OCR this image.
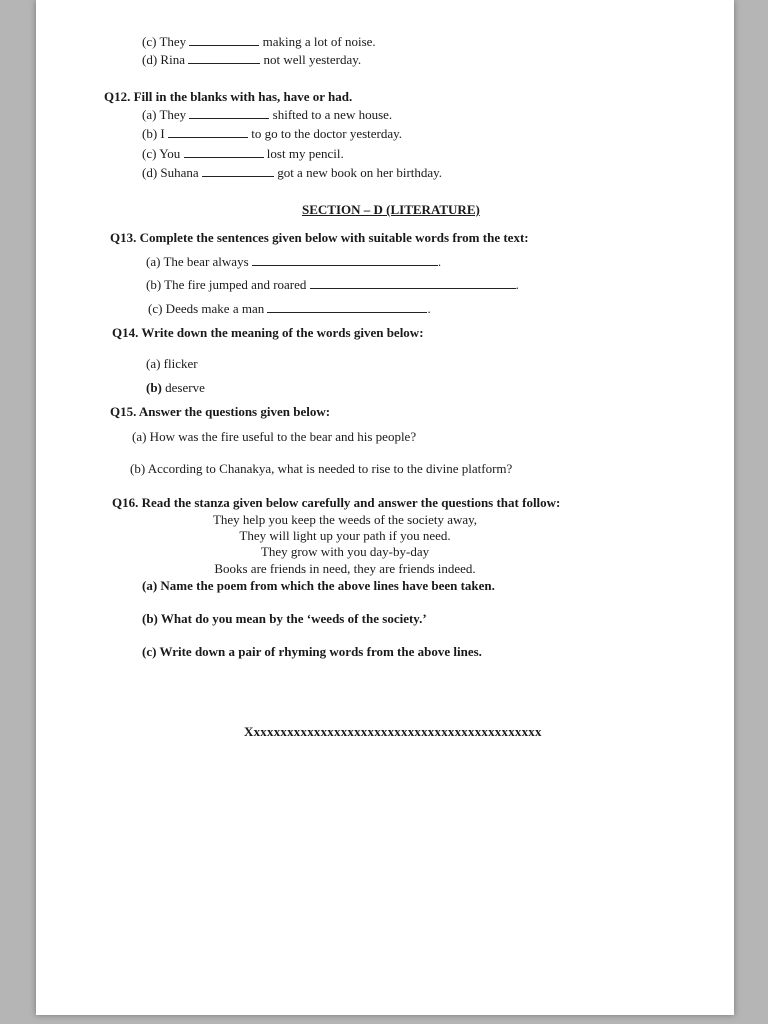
(c) They	making a lot of noise.
(d) Rina	not well yesterday.
Q12. Fill in the blanks with has, have or had.
(a) They	shifted to a new house.
(b) I	to go to the doctor yesterday.
(c) You	lost my pencil.
(d) Suhana	got a new book on her birthday.
SECTION – D (LITERATURE)
Q13. Complete the sentences given below with suitable words from the text:
(a) The bear always	.
(b) The fire jumped and roared	.
(c) Deeds make a man	.
Q14. Write down the meaning of the words given below:
(a) flicker
(b) deserve
Q15. Answer the questions given below:
(a) How was the fire useful to the bear and his people?
(b) According to Chanakya, what is needed to rise to the divine platform?
Q16. Read the stanza given below carefully and answer the questions that follow:
They help you keep the weeds of the society away,
They will light up your path if you need.
They grow with you day-by-day
Books are friends in need, they are friends indeed.
(a) Name the poem from which the above lines have been taken.
(b) What do you mean by the ‘weeds of the society.’
(c) Write down a pair of rhyming words from the above lines.
Xxxxxxxxxxxxxxxxxxxxxxxxxxxxxxxxxxxxxxxxxxxx
